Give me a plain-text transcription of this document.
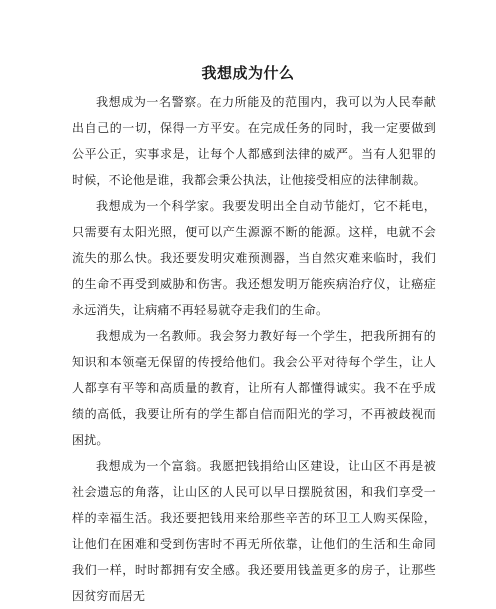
我想成为什么

我想成为一名警察。在力所能及的范围内，我可以为人民奉献出自己的一切，保得一方平安。在完成任务的同时，我一定要做到公平公正，实事求是，让每个人都感到法律的威严。当有人犯罪的时候，不论他是谁，我都会秉公执法，让他接受相应的法律制裁。

我想成为一个科学家。我要发明出全自动节能灯，它不耗电，只需要有太阳光照，便可以产生源源不断的能源。这样，电就不会流失的那么快。我还要发明灾难预测器，当自然灾难来临时，我们的生命不再受到威胁和伤害。我还想发明万能疾病治疗仪，让癌症永远消失，让病痛不再轻易就夺走我们的生命。

我想成为一名教师。我会努力教好每一个学生，把我所拥有的知识和本领毫无保留的传授给他们。我会公平对待每个学生，让人人都享有平等和高质量的教育，让所有人都懂得诚实。我不在乎成绩的高低，我要让所有的学生都自信而阳光的学习，不再被歧视而困扰。

我想成为一个富翁。我愿把钱捐给山区建设，让山区不再是被社会遗忘的角落，让山区的人民可以早日摆脱贫困，和我们享受一样的幸福生活。我还要把钱用来给那些辛苦的环卫工人购买保险，让他们在困难和受到伤害时不再无所依靠，让他们的生活和生命同我们一样，时时都拥有安全感。我还要用钱盖更多的房子，让那些因贫穷而居无
